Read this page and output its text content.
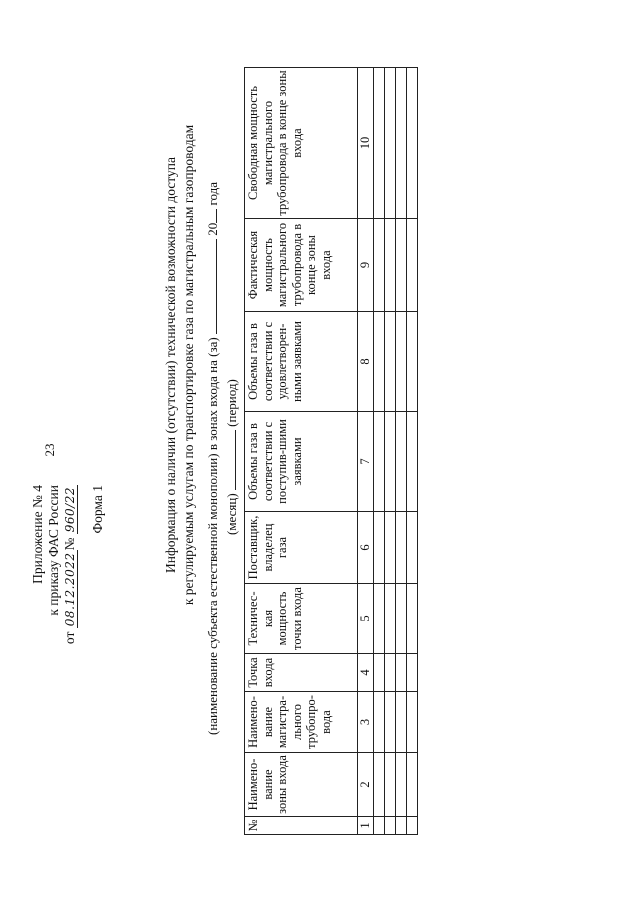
23
Приложение № 4 к приказу ФАС России
от 08.12.2022№ 960/22 Форма 1	Информация о наличии (отсутствии) технической возможности доступа к регулируемым услугам по транспортировке газа по магистральным газопроводам (наименование субъекта естественной монополии) в зонах входа на (за)  20 года
(месяц)  (период)
№	Наимено-вание зоны входа	Наимено-вание магистра-льного трубопро-вода	Точка входа	Техничес-кая мощность точки входа	Поставщик, владелец газа	Объемы газа в соответствии с поступив-шими заявками	Объемы газа в соответствии с удовлетворен-ными заявками	Фактическая мощность магистрального трубопровода в конце зоны входа	Свободная мощность магистрального трубопровода в конце зоны входа
1	2	3	4	5	6	7	8	9	10
